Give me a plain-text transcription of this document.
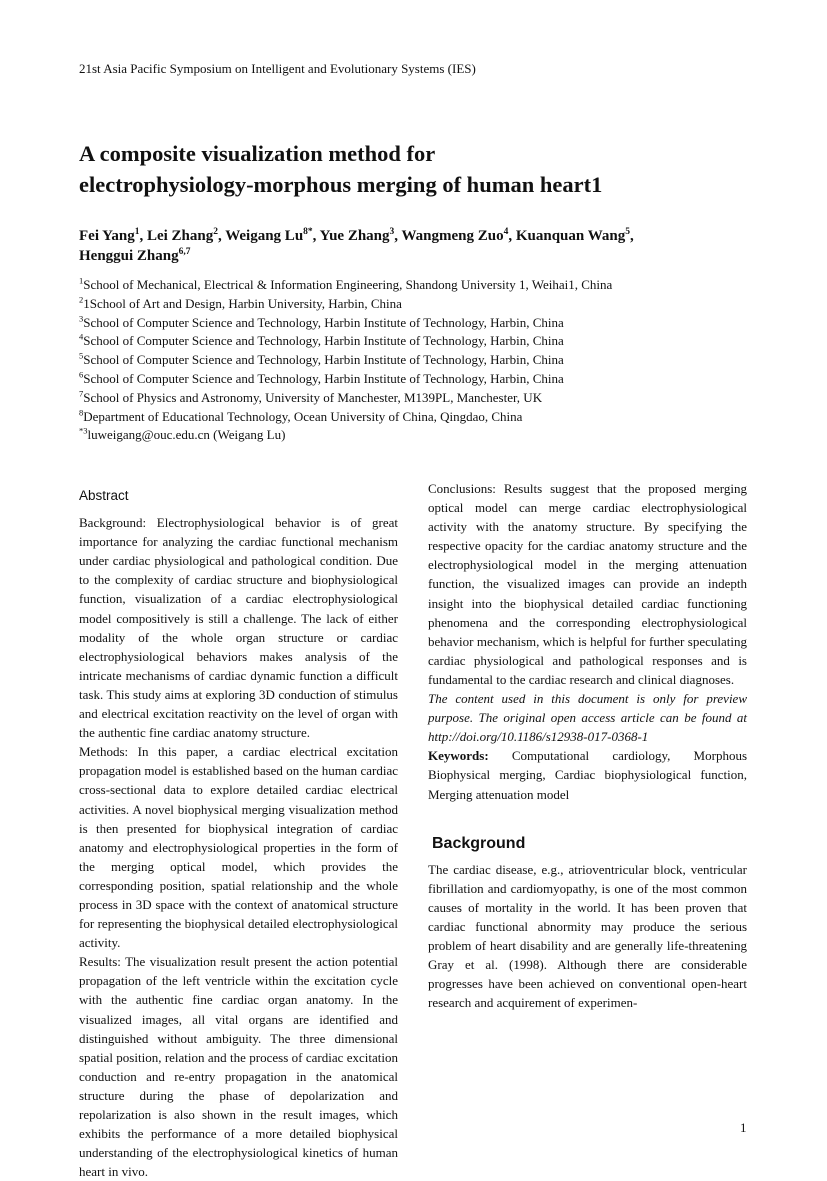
21st Asia Pacific Symposium on Intelligent and Evolutionary Systems (IES)
A composite visualization method for
electrophysiology-morphous merging of human heart1
Fei Yang$^1$, Lei Zhang$^2$, Weigang $Lu^{8*}$, Yue Zhang$^3$, Wangmeng Zuo$^4$, Kuanquan Wang$^5$,
Henggui Zhang$^{6,7}$
$^1$School of Mechanical, Electrical & Information Engineering, Shandong University 1, Weihai1, China
$^2$1School of Art and Design, Harbin University, Harbin, China
$^3$School of Computer Science and Technology, Harbin Institute of Technology, Harbin, China
$^4$School of Computer Science and Technology, Harbin Institute of Technology, Harbin, China
$^5$School of Computer Science and Technology, Harbin Institute of Technology, Harbin, China
$^6$School of Computer Science and Technology, Harbin Institute of Technology, Harbin, China
$^7$School of Physics and Astronomy, University of Manchester, M139PL, Manchester, UK
$^8$Department of Educational Technology, Ocean University of China, Qingdao, China
$^{*3}$luweigang@ouc.edu.cn (Weigang Lu)
Abstract

Background: Electrophysiological behavior is of great importance for analyzing the cardiac functional mechanism under cardiac physiological and pathological condition. Due to the complexity of cardiac structure and biophysiological function, visualization of a cardiac electrophysiological model compositively is still a challenge. The lack of either modality of the whole organ structure or cardiac electrophysiological behaviors makes analysis of the intricate mechanisms of cardiac dynamic function a difficult task. This study aims at exploring 3D conduction of stimulus and electrical excitation reactivity on the level of organ with the authentic fine cardiac anatomy structure.

Methods: In this paper, a cardiac electrical excitation propagation model is established based on the human cardiac cross-sectional data to explore detailed cardiac electrical activities. A novel biophysical merging visualization method is then presented for biophysical integration of cardiac anatomy and electrophysiological properties in the form of the merging optical model, which provides the corresponding position, spatial relationship and the whole process in 3D space with the context of anatomical structure for representing the biophysical detailed electrophysiological activity.

Results: The visualization result present the action potential propagation of the left ventricle within the excitation cycle with the authentic fine cardiac organ anatomy. In the visualized images, all vital organs are identified and distinguished without ambiguity. The three dimensional spatial position, relation and the process of cardiac excitation conduction and re-entry propagation in the anatomical structure during the phase of depolarization and repolarization is also shown in the result images, which exhibits the performance of a more detailed biophysical understanding of the electrophysiological kinetics of human heart in vivo.

Conclusions: Results suggest that the proposed merging optical model can merge cardiac electrophysiological activity with the anatomy structure. By specifying the respective opacity for the cardiac anatomy structure and the electrophysiological model in the merging attenuation function, the visualized images can provide an indepth insight into the biophysical detailed cardiac functioning phenomena and the corresponding electrophysiological behavior mechanism, which is helpful for further speculating cardiac physiological and pathological responses and is fundamental to the cardiac research and clinical diagnoses.

The content used in this document is only for preview purpose. The original open access article can be found at http://doi.org/10.1186/s12938-017-0368-1

Keywords: Computational cardiology, Morphous Biophysical merging, Cardiac biophysiological function, Merging attenuation model

Background

The cardiac disease, e.g., atrioventricular block, ventricular fibrillation and cardiomyopathy, is one of the most common causes of mortality in the world. It has been proven that cardiac functional abnormity may produce the serious problem of heart disability and are generally life-threatening Gray et al. (1998). Although there are considerable progresses have been achieved on conventional open-heart research and acquirement of experimen-

1
